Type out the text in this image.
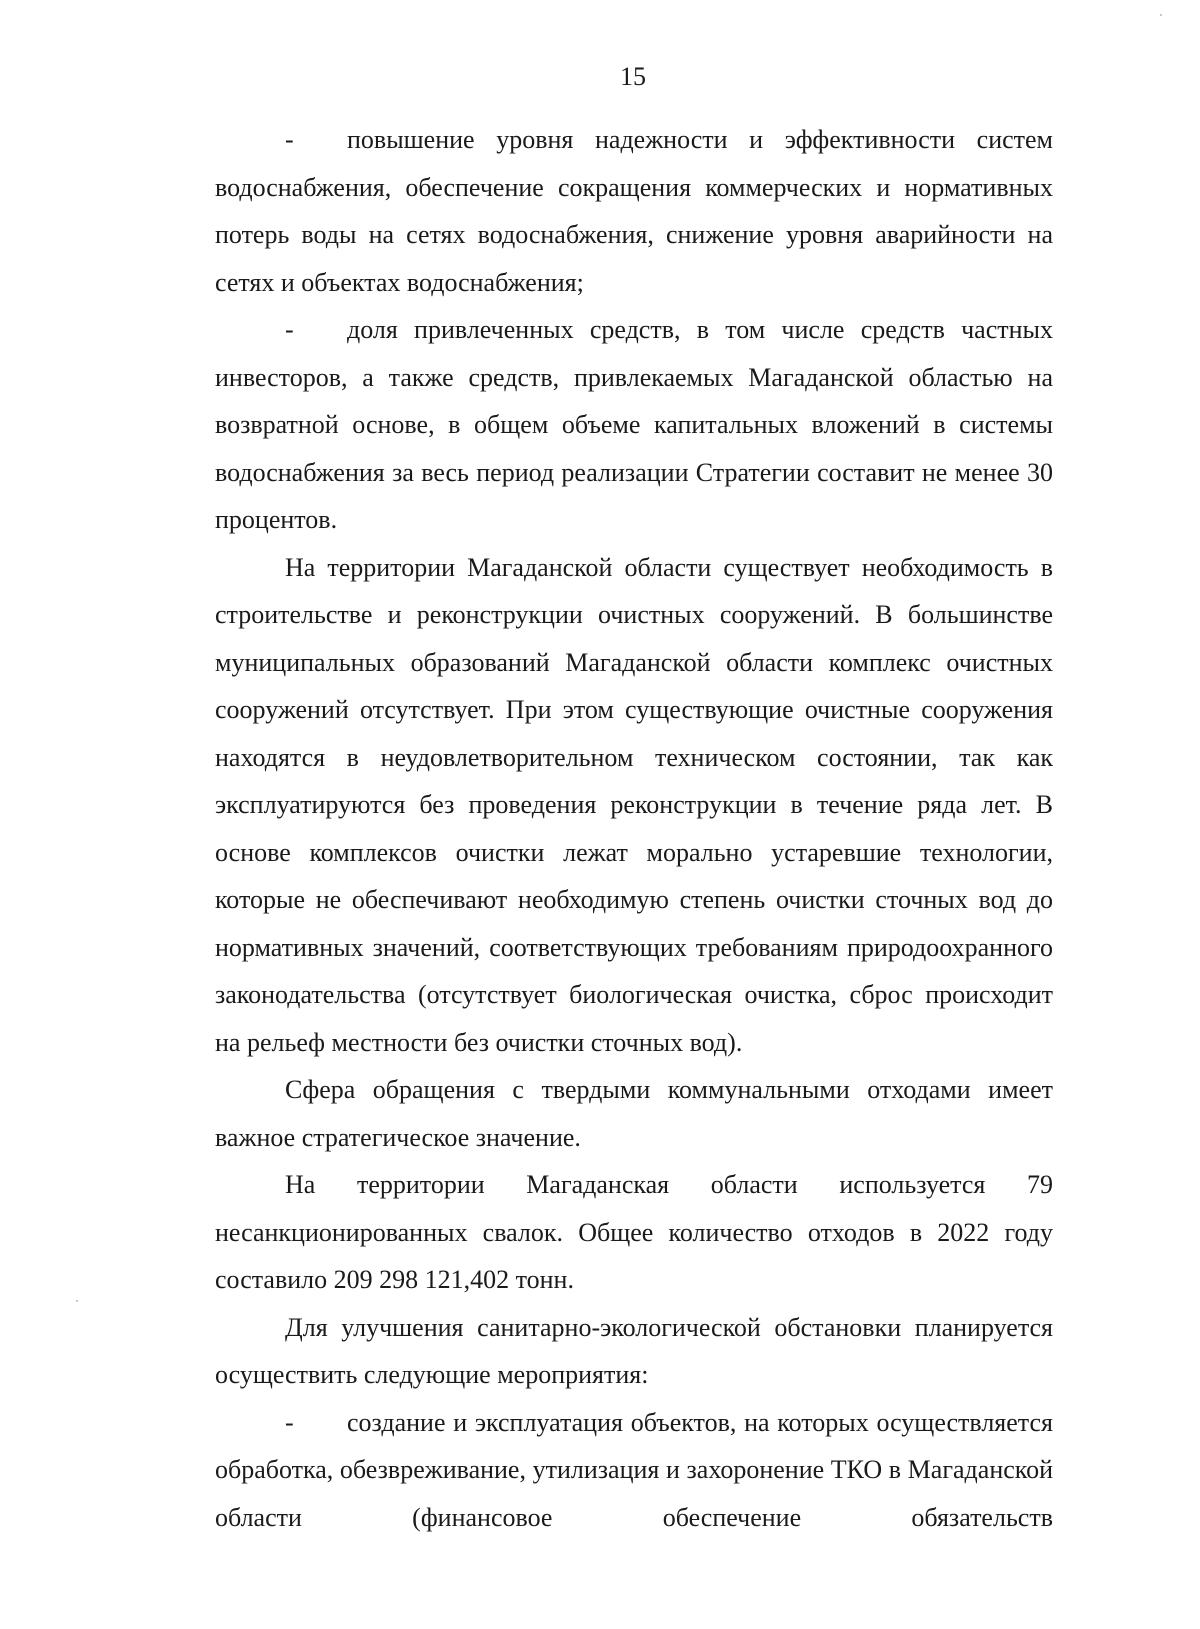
15

- повышение уровня надежности и эффективности систем водоснабжения, обеспечение сокращения коммерческих и нормативных потерь воды на сетях водоснабжения, снижение уровня аварийности на сетях и объектах водоснабжения;

- доля привлеченных средств, в том числе средств частных инвесторов, а также средств, привлекаемых Магаданской областью на возвратной основе, в общем объеме капитальных вложений в системы водоснабжения за весь период реализации Стратегии составит не менее 30 процентов.

На территории Магаданской области существует необходимость в строительстве и реконструкции очистных сооружений. В большинстве муниципальных образований Магаданской области комплекс очистных сооружений отсутствует. При этом существующие очистные сооружения находятся в неудовлетворительном техническом состоянии, так как эксплуатируются без проведения реконструкции в течение ряда лет. В основе комплексов очистки лежат морально устаревшие технологии, которые не обеспечивают необходимую степень очистки сточных вод до нормативных значений, соответствующих требованиям природоохранного законодательства (отсутствует биологическая очистка, сброс происходит на рельеф местности без очистки сточных вод).

Сфера обращения с твердыми коммунальными отходами имеет важное стратегическое значение.

На территории Магаданская области используется 79 несанкционированных свалок. Общее количество отходов в 2022 году составило 209 298 121,402 тонн.

Для улучшения санитарно-экологической обстановки планируется осуществить следующие мероприятия:

- создание и эксплуатация объектов, на которых осуществляется обработка, обезвреживание, утилизация и захоронение ТКО в Магаданской области (финансовое обеспечение обязательств
